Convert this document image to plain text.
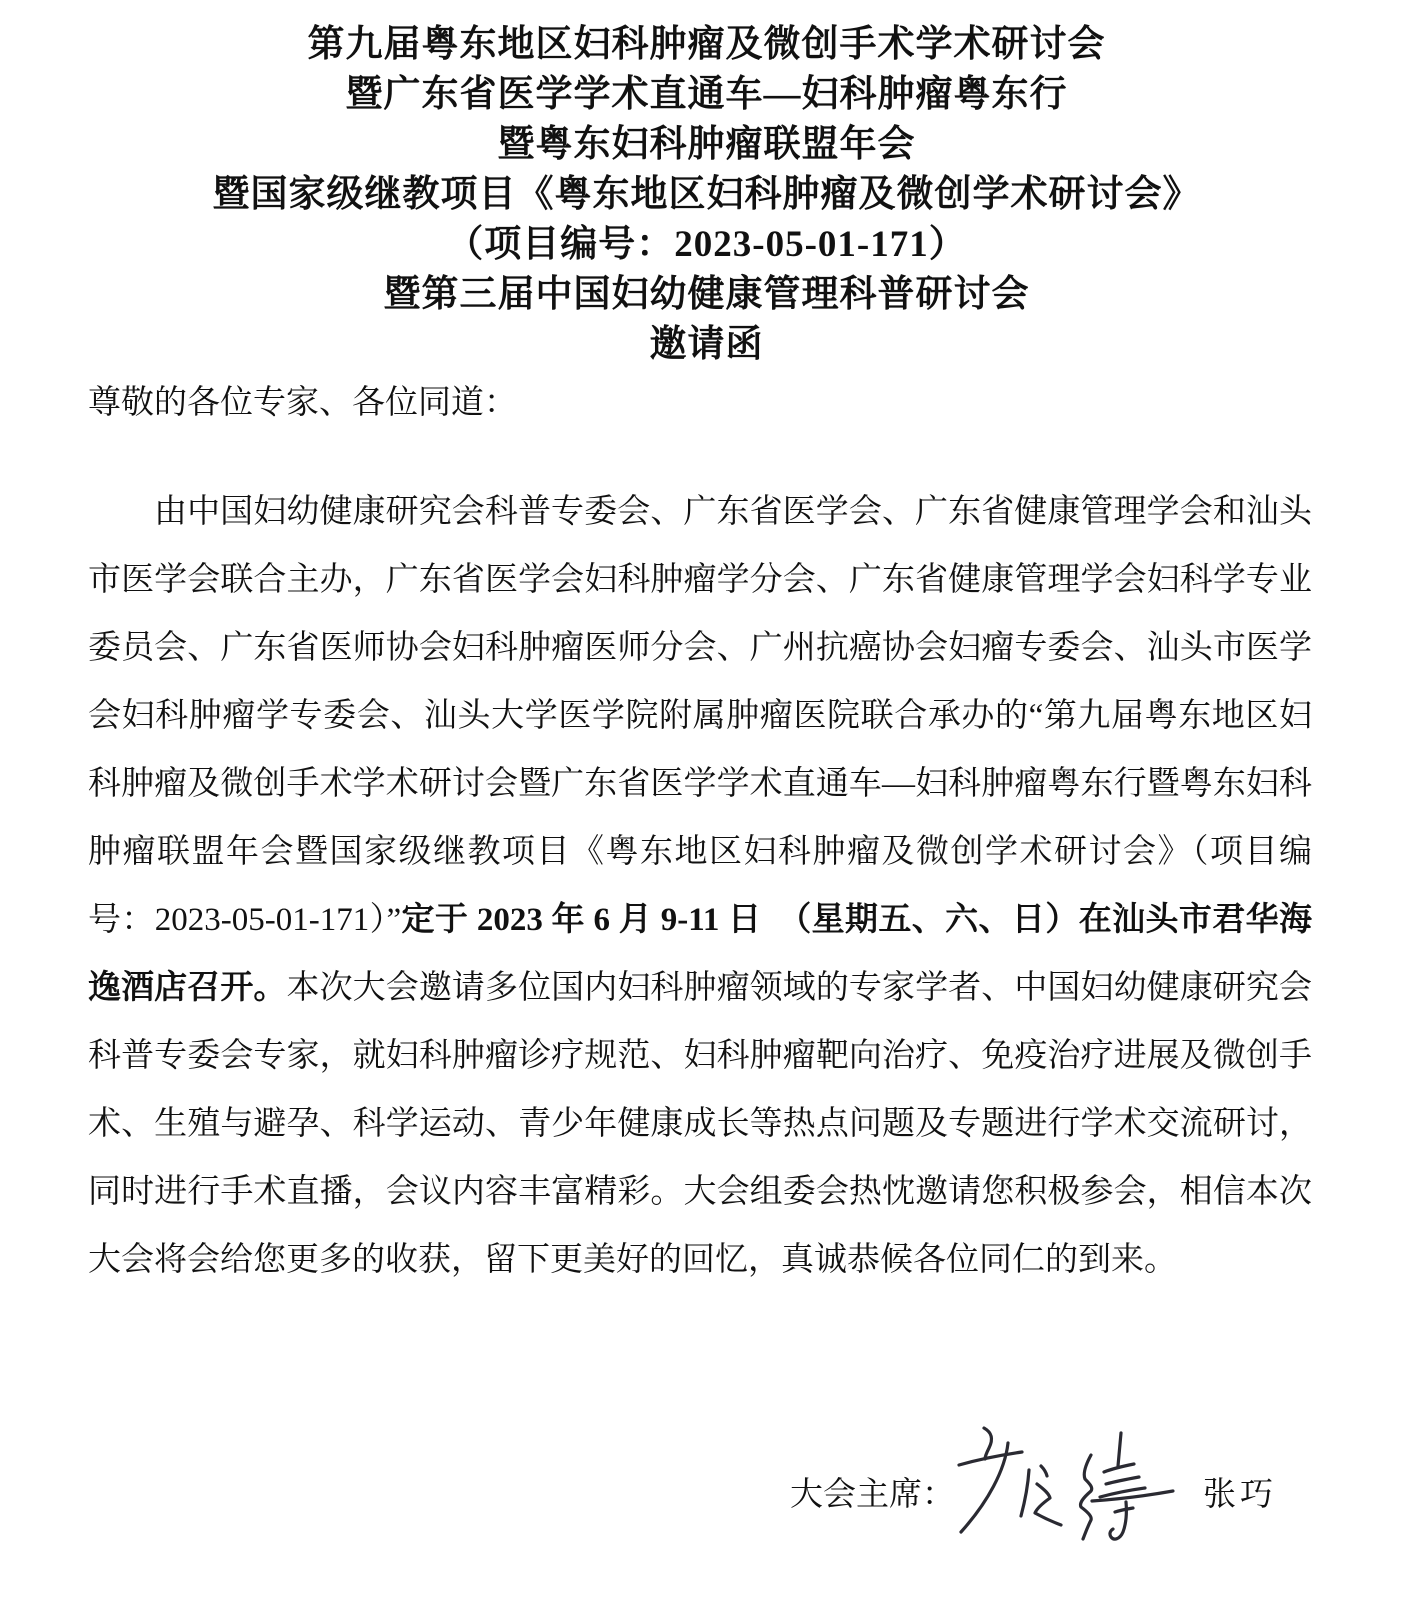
第九届粤东地区妇科肿瘤及微创手术学术研讨会
暨广东省医学学术直通车—妇科肿瘤粤东行
暨粤东妇科肿瘤联盟年会
暨国家级继教项目《粤东地区妇科肿瘤及微创学术研讨会》
（项目编号：2023-05-01-171）
暨第三届中国妇幼健康管理科普研讨会
邀请函
尊敬的各位专家、各位同道：
由中国妇幼健康研究会科普专委会、广东省医学会、广东省健康管理学会和汕头市医学会联合主办，广东省医学会妇科肿瘤学分会、广东省健康管理学会妇科学专业委员会、广东省医师协会妇科肿瘤医师分会、广州抗癌协会妇瘤专委会、汕头市医学会妇科肿瘤学专委会、汕头大学医学院附属肿瘤医院联合承办的“第九届粤东地区妇科肿瘤及微创手术学术研讨会暨广东省医学学术直通车—妇科肿瘤粤东行暨粤东妇科肿瘤联盟年会暨国家级继教项目《粤东地区妇科肿瘤及微创学术研讨会》（项目编号：2023-05-01-171）”定于 2023 年 6 月 9-11 日　（星期五、六、日）在汕头市君华海逸酒店召开。本次大会邀请多位国内妇科肿瘤领域的专家学者、中国妇幼健康研究会科普专委会专家，就妇科肿瘤诊疗规范、妇科肿瘤靶向治疗、免疫治疗进展及微创手术、生殖与避孕、科学运动、青少年健康成长等热点问题及专题进行学术交流研讨，同时进行手术直播，会议内容丰富精彩。大会组委会热忱邀请您积极参会，相信本次大会将会给您更多的收获，留下更美好的回忆，真诚恭候各位同仁的到来。
大会主席：	张巧
